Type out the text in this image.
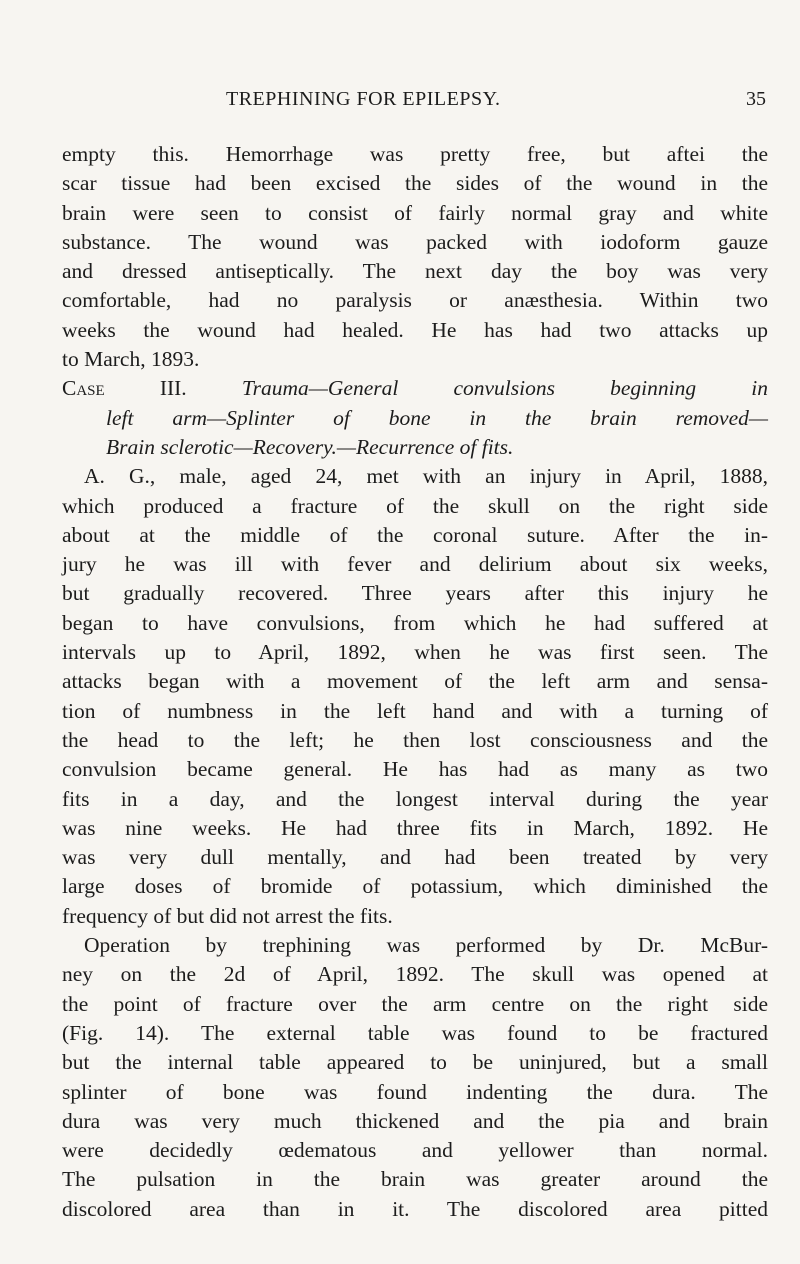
TREPHINING FOR EPILEPSY.	35
empty this. Hemorrhage was pretty free, but aftei the
scar tissue had been excised the sides of the wound in the
brain were seen to consist of fairly normal gray and white
substance. The wound was packed with iodoform gauze
and dressed antiseptically. The next day the boy was very
comfortable, had no paralysis or anæsthesia. Within two
weeks the wound had healed. He has had two attacks up
to March, 1893.
Case III.	Trauma—General convulsions beginning in
left arm—Splinter of bone in the brain removed—
Brain sclerotic—Recovery.—Recurrence of fits.
A. G., male, aged 24, met with an injury in April, 1888,
which produced a fracture of the skull on the right side
about at the middle of the coronal suture. After the in-
jury he was ill with fever and delirium about six weeks,
but gradually recovered. Three years after this injury he
began to have convulsions, from which he had suffered at
intervals up to April, 1892, when he was first seen. The
attacks began with a movement of the left arm and sensa-
tion of numbness in the left hand and with a turning of
the head to the left; he then lost consciousness and the
convulsion became general. He has had as many as two
fits in a day, and the longest interval during the year
was nine weeks. He had three fits in March, 1892. He
was very dull mentally, and had been treated by very
large doses of bromide of potassium, which diminished the
frequency of but did not arrest the fits.
Operation by trephining was performed by Dr. McBur-
ney on the 2d of April, 1892. The skull was opened at
the point of fracture over the arm centre on the right side
(Fig. 14). The external table was found to be fractured
but the internal table appeared to be uninjured, but a small
splinter of bone was found indenting the dura. The
dura was very much thickened and the pia and brain
were decidedly œdematous and yellower than normal.
The pulsation in the brain was greater around the
discolored area than in it. The discolored area pitted
